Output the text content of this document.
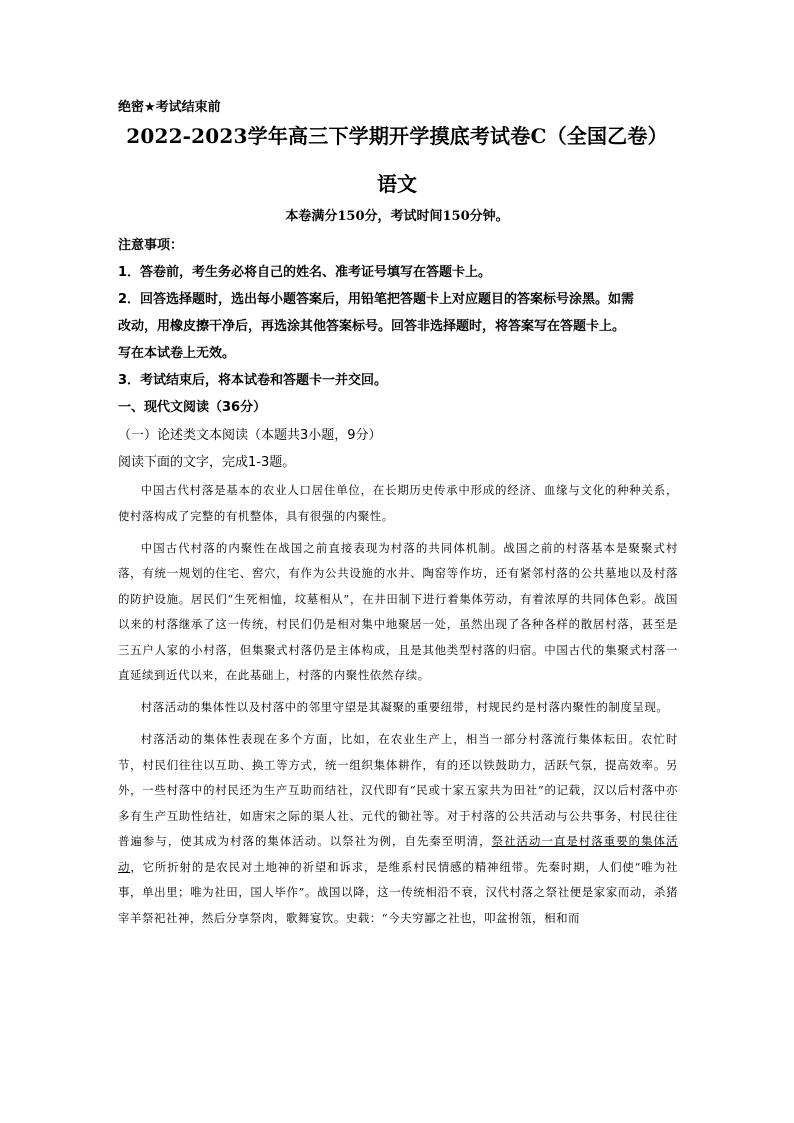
绝密★考试结束前
2022-2023学年高三下学期开学摸底考试卷C（全国乙卷）
语文
本卷满分150分，考试时间150分钟。
注意事项：
1．答卷前，考生务必将自己的姓名、准考证号填写在答题卡上。
2．回答选择题时，选出每小题答案后，用铅笔把答题卡上对应题目的答案标号涂黑。如需
改动，用橡皮擦干净后，再选涂其他答案标号。回答非选择题时，将答案写在答题卡上。
写在本试卷上无效。
3．考试结束后，将本试卷和答题卡一并交回。
一、现代文阅读（36分）
（一）论述类文本阅读（本题共3小题，9分）
阅读下面的文字，完成1-3题。

中国古代村落是基本的农业人口居住单位，在长期历史传承中形成的经济、血缘与文化的种种关系，使村落构成了完整的有机整体，具有很强的内聚性。

中国古代村落的内聚性在战国之前直接表现为村落的共同体机制。战国之前的村落基本是聚聚式村落，有统一规划的住宅、窖穴，有作为公共设施的水井、陶窑等作坊，还有紧邻村落的公共墓地以及村落的防护设施。居民们“生死相恤，坟墓相从”，在井田制下进行着集体劳动，有着浓厚的共同体色彩。战国以来的村落继承了这一传统，村民们仍是相对集中地聚居一处，虽然出现了各种各样的散居村落，甚至是三五户人家的小村落，但集聚式村落仍是主体构成，且是其他类型村落的归宿。中国古代的集聚式村落一直延续到近代以来，在此基础上，村落的内聚性依然存续。

村落活动的集体性以及村落中的邻里守望是其凝聚的重要纽带，村规民约是村落内聚性的制度呈现。

村落活动的集体性表现在多个方面，比如，在农业生产上，相当一部分村落流行集体耘田。农忙时节，村民们往往以互助、换工等方式，统一组织集体耕作，有的还以铁鼓助力，活跃气氛，提高效率。另外，一些村落中的村民还为生产互助而结社，汉代即有“民或十家五家共为田社”的记载，汉以后村落中亦多有生产互助性结社，如唐宋之际的渠人社、元代的锄社等。对于村落的公共活动与公共事务，村民往往普遍参与，使其成为村落的集体活动。以祭社为例，自先秦至明清，祭社活动一直是村落重要的集体活动，它所折射的是农民对土地神的祈望和诉求，是维系村民情感的精神纽带。先秦时期，人们使“唯为社事，单出里；唯为社田，国人毕作”。战国以降，这一传统相沿不衰，汉代村落之祭社便是家家而动，杀猪宰羊祭祀社神，然后分享祭肉，歌舞宴饮。史载：“今夫穷鄙之社也，叩盆拊瓴，相和而
